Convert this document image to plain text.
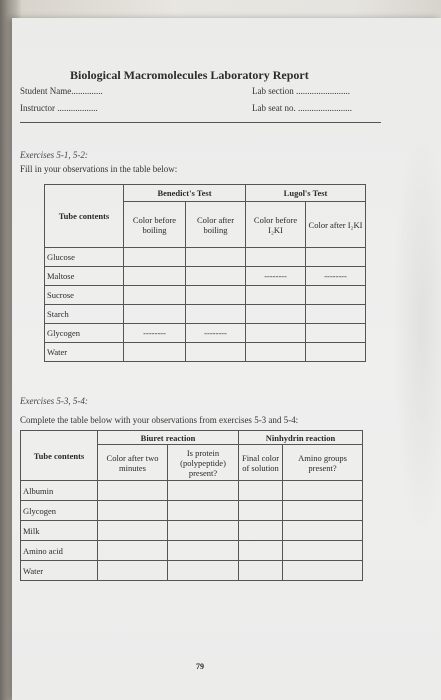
Biological Macromolecules Laboratory Report
Student Name..............
Instructor ..................
Lab section ........................
Lab seat no. ........................
Exercises 5-1, 5-2:
Fill in your observations in the table below:
Tube contents	Benedict's Test		Lugol's Test	
	Color before boiling	Color after boiling	Color before I₂KI	Color after I₂KI
Glucose				
Maltose			--------	--------
Sucrose				
Starch				
Glycogen	--------	--------		
Water				
Exercises 5-3, 5-4:
Complete the table below with your observations from exercises 5-3 and 5-4:
Tube contents	Biuret reaction		Ninhydrin reaction	
	Color after two minutes	Is protein (polypeptide) present?	Final color of solution	Amino groups present?
Albumin				
Glycogen				
Milk				
Amino acid				
Water				
79
